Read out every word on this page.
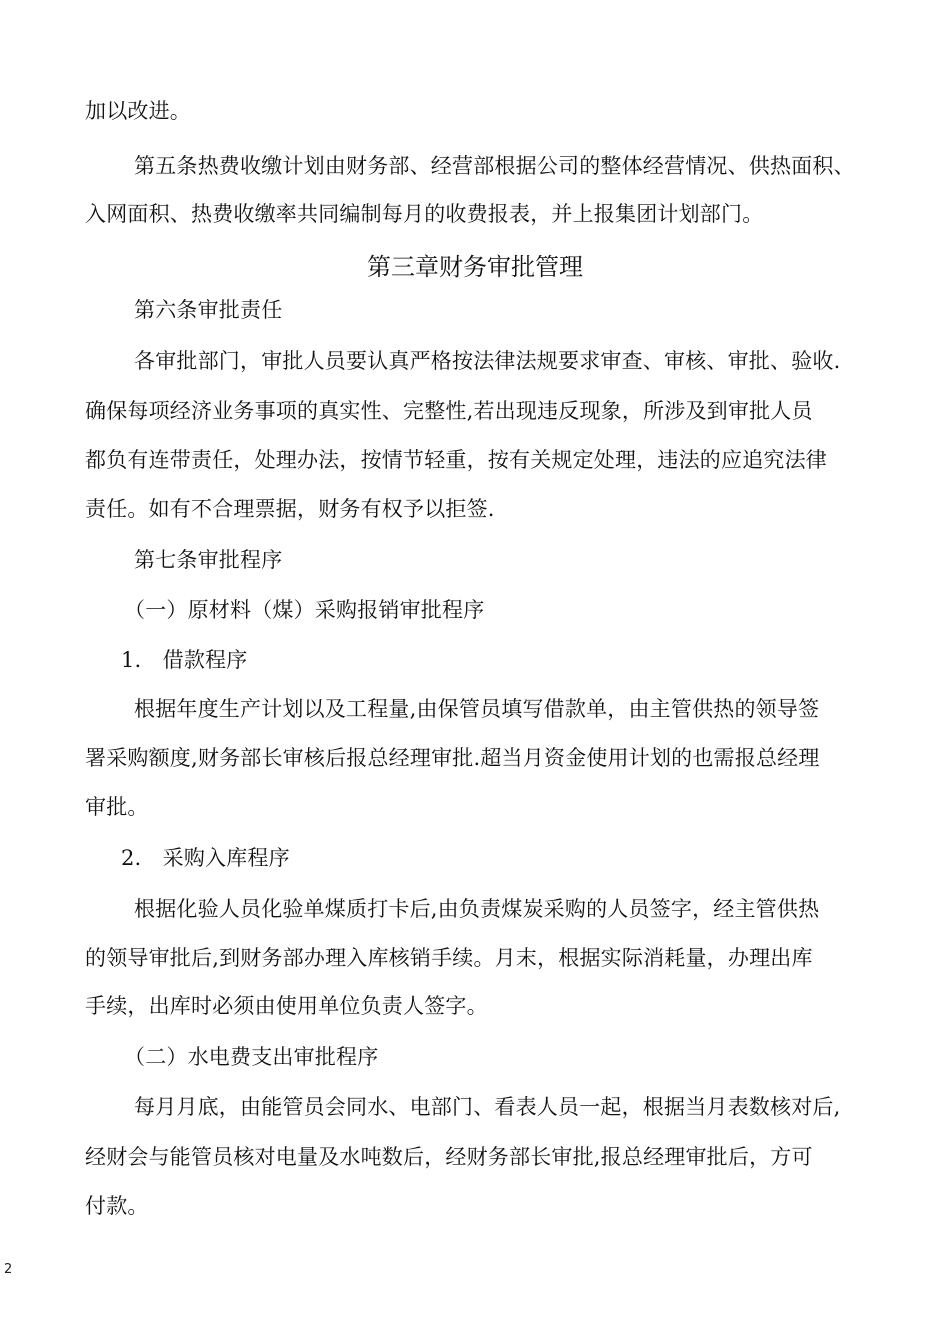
加以改进。
第五条热费收缴计划由财务部、经营部根据公司的整体经营情况、供热面积、
入网面积、热费收缴率共同编制每月的收费报表，并上报集团计划部门。
第三章财务审批管理
第六条审批责任
各审批部门，审批人员要认真严格按法律法规要求审查、审核、审批、验收.
确保每项经济业务事项的真实性、完整性,若出现违反现象，所涉及到审批人员
都负有连带责任，处理办法，按情节轻重，按有关规定处理，违法的应追究法律
责任。如有不合理票据，财务有权予以拒签.
第七条审批程序
（一）原材料（煤）采购报销审批程序
1.　借款程序
根据年度生产计划以及工程量,由保管员填写借款单，由主管供热的领导签
署采购额度,财务部长审核后报总经理审批.超当月资金使用计划的也需报总经理
审批。
2.　采购入库程序
根据化验人员化验单煤质打卡后,由负责煤炭采购的人员签字，经主管供热
的领导审批后,到财务部办理入库核销手续。月末，根据实际消耗量，办理出库
手续，出库时必须由使用单位负责人签字。
（二）水电费支出审批程序
每月月底，由能管员会同水、电部门、看表人员一起，根据当月表数核对后,
经财会与能管员核对电量及水吨数后，经财务部长审批,报总经理审批后，方可
付款。
2
